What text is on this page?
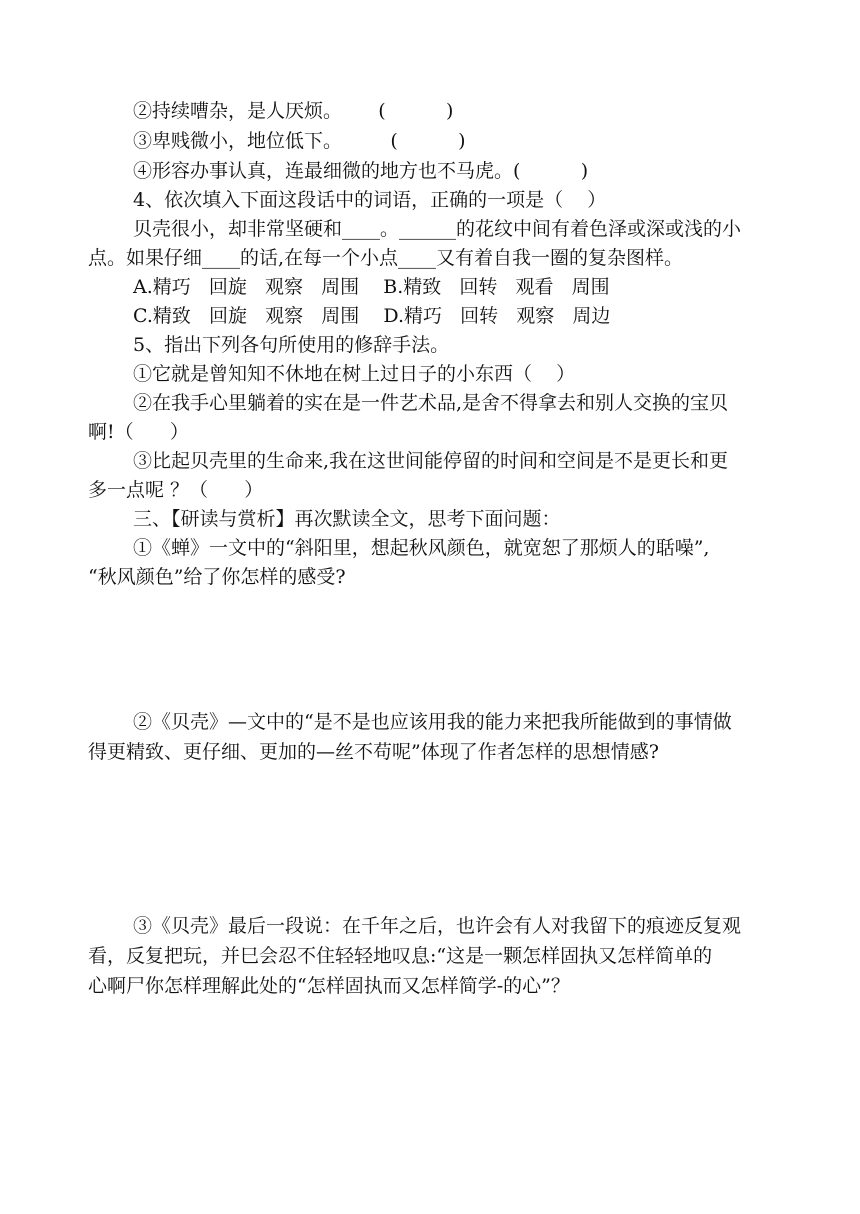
②持续嘈杂，是人厌烦。      (          )
③卑贱微小，地位低下。        (          )
④形容办事认真，连最细微的地方也不马虎。(          )
4、依次填入下面这段话中的词语，正确的一项是（    ）
贝壳很小，却非常坚硬和____。______的花纹中间有着色泽或深或浅的小
点。如果仔细____的话,在每一个小点____又有着自我一圈的复杂图样。
A.精巧   回旋   观察   周围    B.精致   回转   观看   周围
C.精致   回旋   观察   周围    D.精巧   回转   观察   周边
5、指出下列各句所使用的修辞手法。
①它就是曾知知不休地在树上过日子的小东西（    ）
②在我手心里躺着的实在是一件艺术品,是舍不得拿去和别人交换的宝贝
啊!（      ）
③比起贝壳里的生命来,我在这世间能停留的时间和空间是不是更长和更
多一点呢 ？（      ）
三、【研读与赏析】再次默读全文，思考下面问题：
①《蝉》一文中的“斜阳里，想起秋风颜色，就宽恕了那烦人的聒噪”,
“秋风颜色”给了你怎样的感受?
②《贝壳》—文中的“是不是也应该用我的能力来把我所能做到的事情做
得更精致、更仔细、更加的—丝不苟呢”体现了作者怎样的思想情感?
③《贝壳》最后一段说：在千年之后，也许会有人对我留下的痕迹反复观
看，反复把玩，并巳会忍不住轻轻地叹息:“这是一颗怎样固执又怎样简单的
心啊尸你怎样理解此处的“怎样固执而又怎样简学-的心”？
